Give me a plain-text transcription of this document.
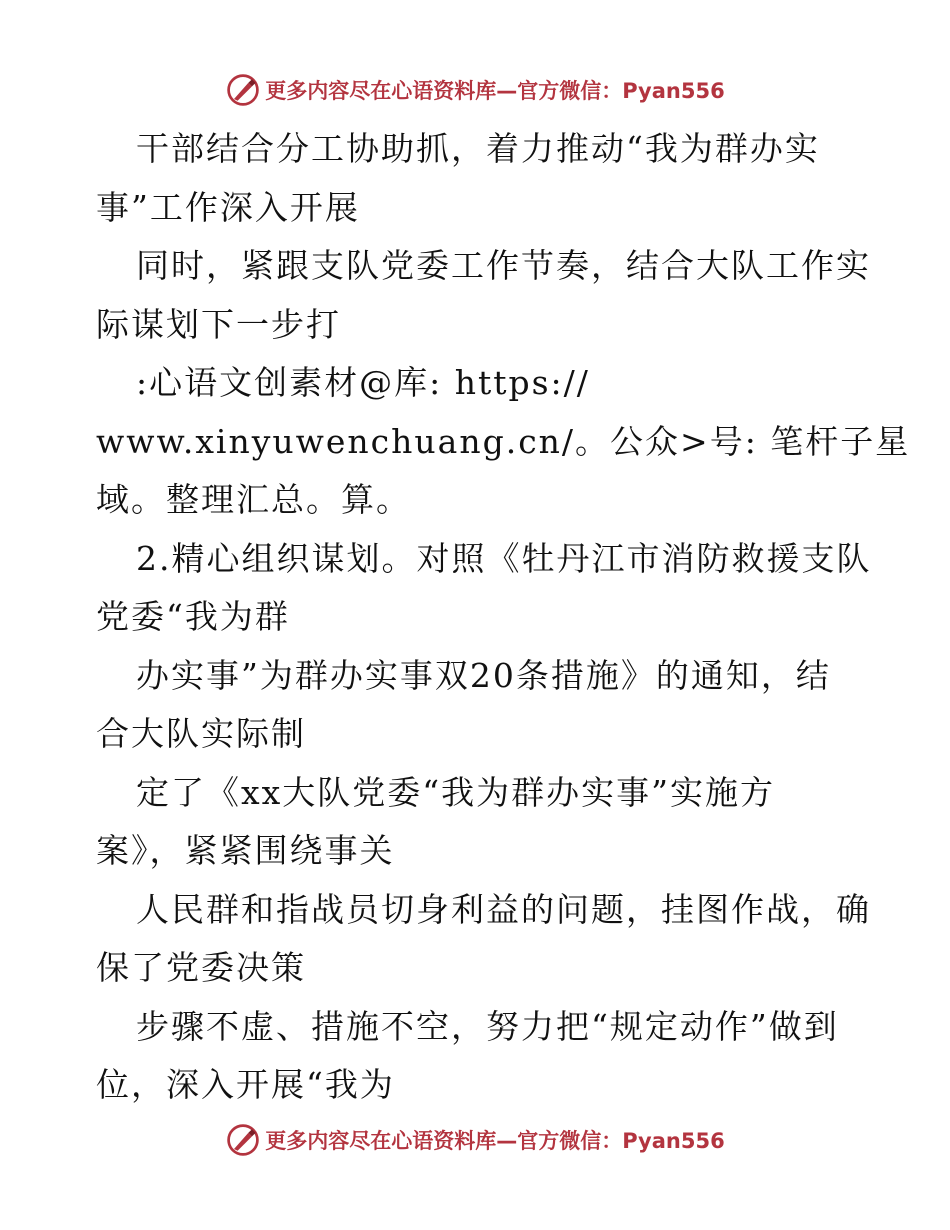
更多内容尽在心语资料库—官方微信：Pyan556
干部结合分工协助抓，着力推动“我为群办实
事”工作深入开展
同时，紧跟支队党委工作节奏，结合大队工作实
际谋划下一步打
:心语文创素材@库: https://
www.xinyuwenchuang.cn/。公众>号: 笔杆子星
域。整理汇总。算。
2.精心组织谋划。对照《牡丹江市消防救援支队
党委“我为群
办实事”为群办实事双20条措施》的通知，结
合大队实际制
定了《xx大队党委“我为群办实事”实施方
案》，紧紧围绕事关
人民群和指战员切身利益的问题，挂图作战，确
保了党委决策
步骤不虚、措施不空，努力把“规定动作”做到
位，深入开展“我为
更多内容尽在心语资料库—官方微信：Pyan556
